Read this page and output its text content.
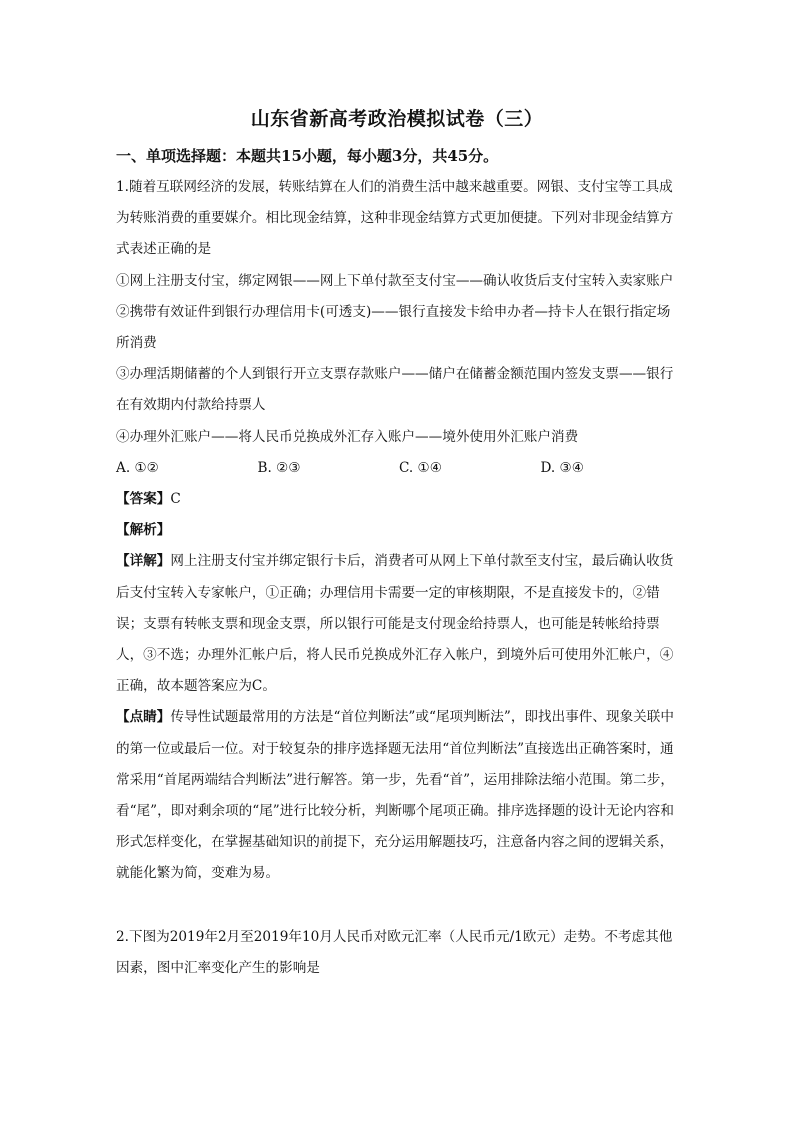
山东省新高考政治模拟试卷（三）
一、单项选择题：本题共15小题，每小题3分，共45分。

1.随着互联网经济的发展，转账结算在人们的消费生活中越来越重要。网银、支付宝等工具成为转账消费的重要媒介。相比现金结算，这种非现金结算方式更加便捷。下列对非现金结算方式表述正确的是

①网上注册支付宝，绑定网银——网上下单付款至支付宝——确认收货后支付宝转入卖家账户

②携带有效证件到银行办理信用卡(可透支)——银行直接发卡给申办者—持卡人在银行指定场所消费

③办理活期储蓄的个人到银行开立支票存款账户——储户在储蓄金额范围内签发支票——银行在有效期内付款给持票人

④办理外汇账户——将人民币兑换成外汇存入账户——境外使用外汇账户消费

A. ①②	B. ②③	C. ①④	D. ③④

【答案】C

【解析】

【详解】网上注册支付宝并绑定银行卡后，消费者可从网上下单付款至支付宝，最后确认收货后支付宝转入专家帐户，①正确；办理信用卡需要一定的审核期限，不是直接发卡的，②错误；支票有转帐支票和现金支票，所以银行可能是支付现金给持票人，也可能是转帐给持票人，③不选；办理外汇帐户后，将人民币兑换成外汇存入帐户，到境外后可使用外汇帐户，④正确，故本题答案应为C。

【点睛】传导性试题最常用的方法是“首位判断法”或“尾项判断法”，即找出事件、现象关联中的第一位或最后一位。对于较复杂的排序选择题无法用“首位判断法”直接选出正确答案时，通常采用“首尾两端结合判断法”进行解答。第一步，先看“首”，运用排除法缩小范围。第二步，看“尾”，即对剩余项的“尾”进行比较分析，判断哪个尾项正确。排序选择题的设计无论内容和形式怎样变化，在掌握基础知识的前提下，充分运用解题技巧，注意备内容之间的逻辑关系，就能化繁为简，变难为易。

2.下图为2019年2月至2019年10月人民币对欧元汇率（人民币元/1欧元）走势。不考虑其他因素，图中汇率变化产生的影响是
